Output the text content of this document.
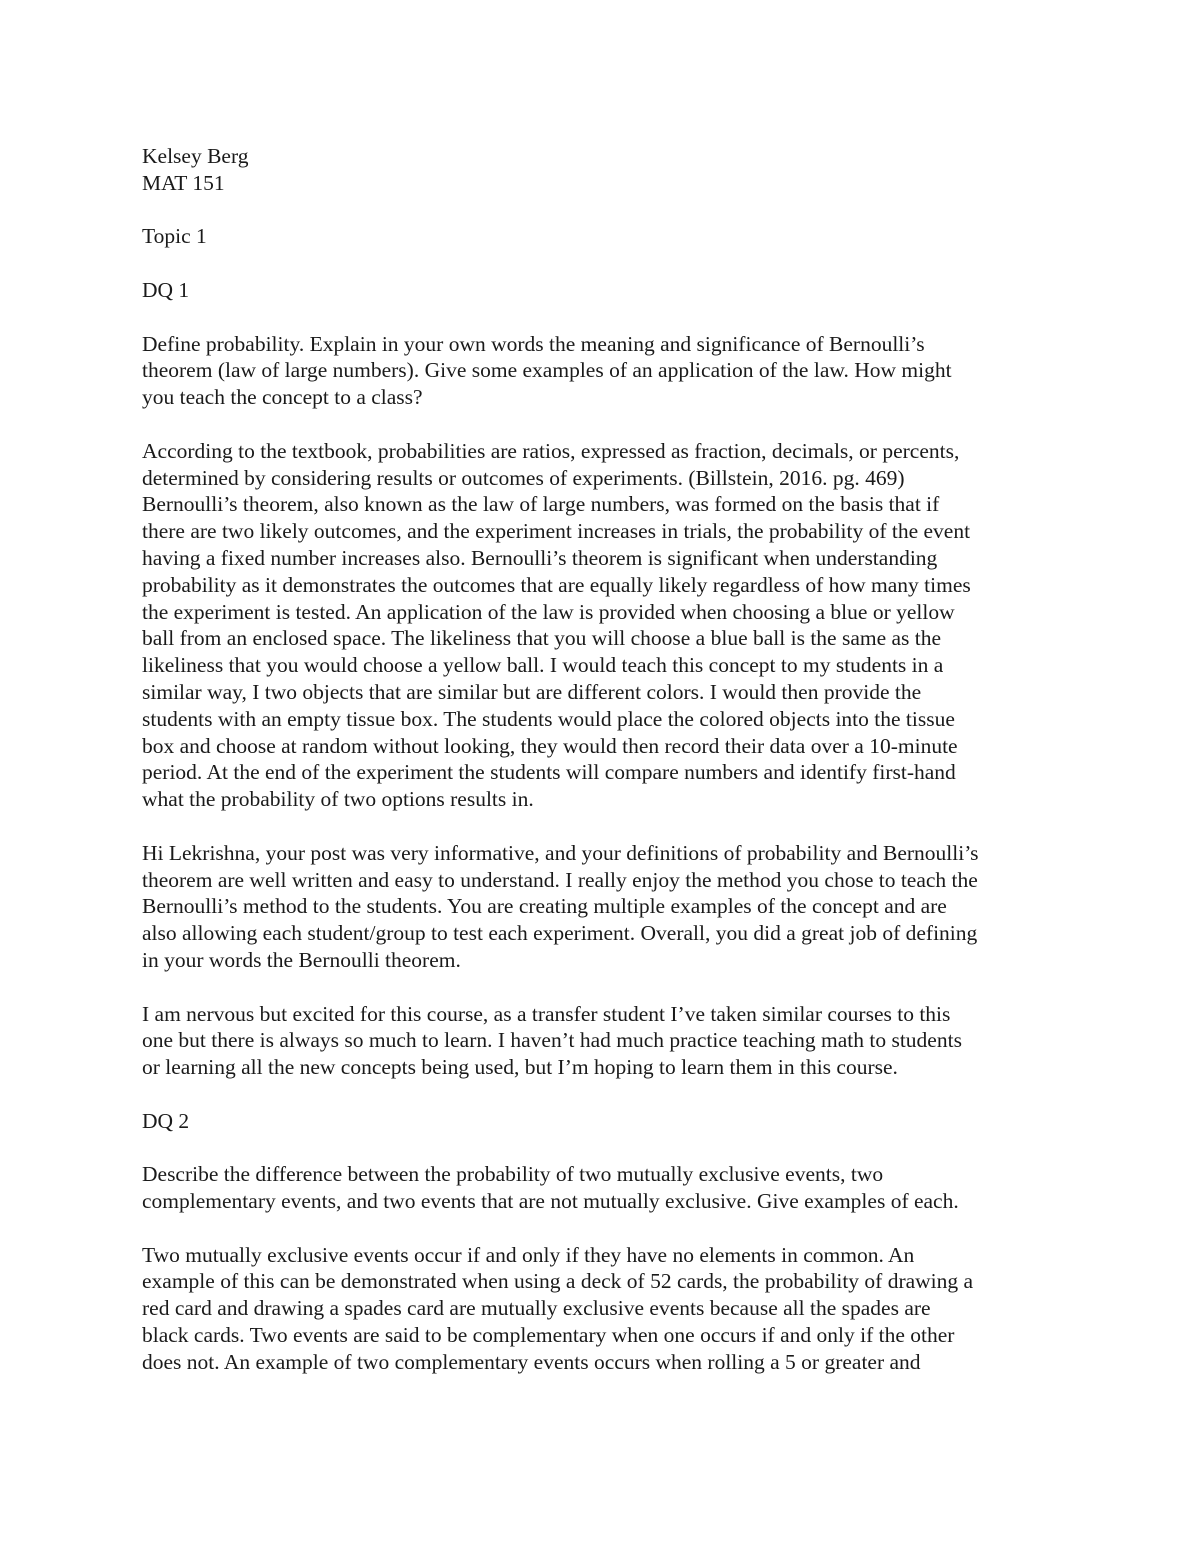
Kelsey Berg
MAT 151
Topic 1
DQ 1
Define probability. Explain in your own words the meaning and significance of Bernoulli’s
theorem (law of large numbers). Give some examples of an application of the law. How might
you teach the concept to a class?
According to the textbook, probabilities are ratios, expressed as fraction, decimals, or percents,
determined by considering results or outcomes of experiments. (Billstein, 2016. pg. 469)
Bernoulli’s theorem, also known as the law of large numbers, was formed on the basis that if
there are two likely outcomes, and the experiment increases in trials, the probability of the event
having a fixed number increases also. Bernoulli’s theorem is significant when understanding
probability as it demonstrates the outcomes that are equally likely regardless of how many times
the experiment is tested. An application of the law is provided when choosing a blue or yellow
ball from an enclosed space. The likeliness that you will choose a blue ball is the same as the
likeliness that you would choose a yellow ball. I would teach this concept to my students in a
similar way, I two objects that are similar but are different colors. I would then provide the
students with an empty tissue box. The students would place the colored objects into the tissue
box and choose at random without looking, they would then record their data over a 10-minute
period. At the end of the experiment the students will compare numbers and identify first-hand
what the probability of two options results in.
Hi Lekrishna, your post was very informative, and your definitions of probability and Bernoulli’s
theorem are well written and easy to understand. I really enjoy the method you chose to teach the
Bernoulli’s method to the students. You are creating multiple examples of the concept and are
also allowing each student/group to test each experiment. Overall, you did a great job of defining
in your words the Bernoulli theorem.
I am nervous but excited for this course, as a transfer student I’ve taken similar courses to this
one but there is always so much to learn. I haven’t had much practice teaching math to students
or learning all the new concepts being used, but I’m hoping to learn them in this course.
DQ 2
Describe the difference between the probability of two mutually exclusive events, two
complementary events, and two events that are not mutually exclusive. Give examples of each.
Two mutually exclusive events occur if and only if they have no elements in common. An
example of this can be demonstrated when using a deck of 52 cards, the probability of drawing a
red card and drawing a spades card are mutually exclusive events because all the spades are
black cards. Two events are said to be complementary when one occurs if and only if the other
does not. An example of two complementary events occurs when rolling a 5 or greater and
